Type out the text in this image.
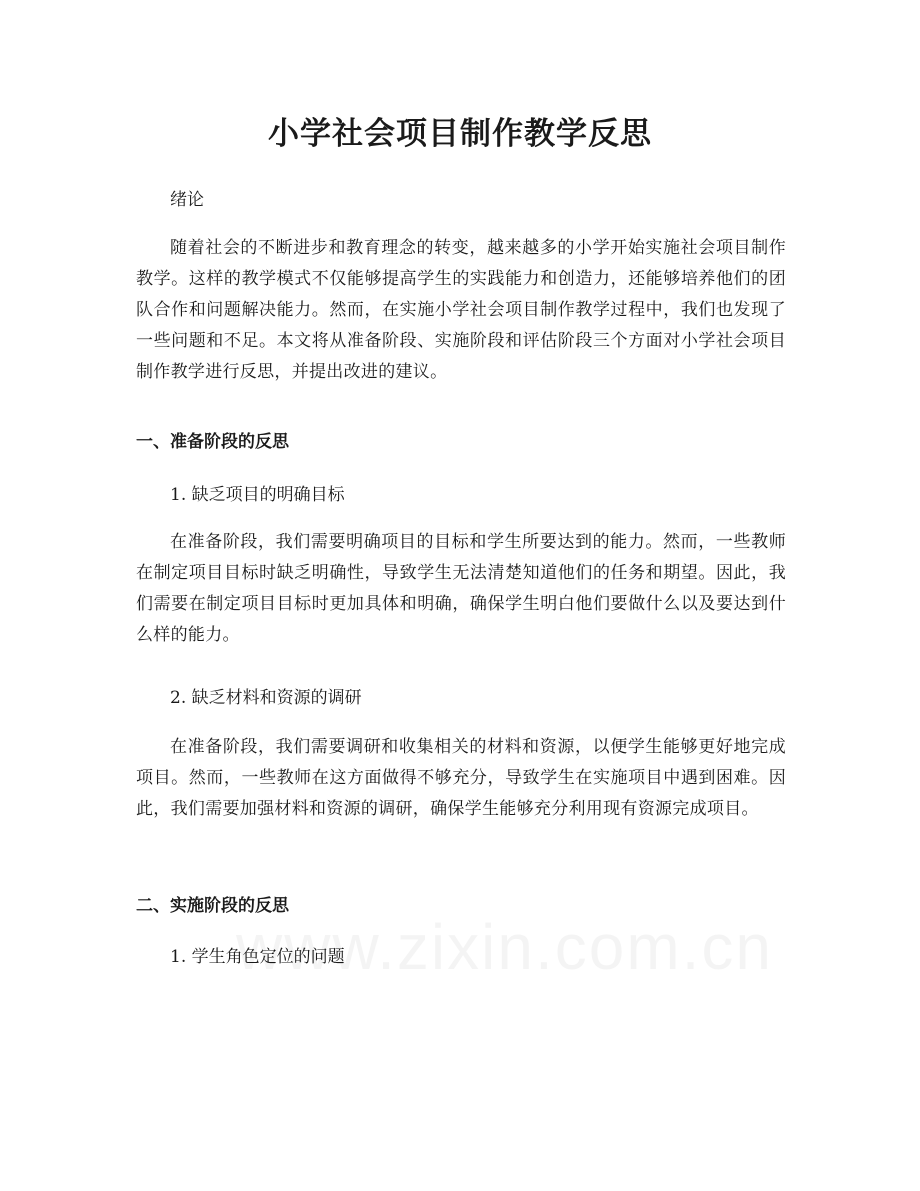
小学社会项目制作教学反思

绪论

随着社会的不断进步和教育理念的转变，越来越多的小学开始实施社会项目制作教学。这样的教学模式不仅能够提高学生的实践能力和创造力，还能够培养他们的团队合作和问题解决能力。然而，在实施小学社会项目制作教学过程中，我们也发现了一些问题和不足。本文将从准备阶段、实施阶段和评估阶段三个方面对小学社会项目制作教学进行反思，并提出改进的建议。

一、准备阶段的反思

1. 缺乏项目的明确目标

在准备阶段，我们需要明确项目的目标和学生所要达到的能力。然而，一些教师在制定项目目标时缺乏明确性，导致学生无法清楚知道他们的任务和期望。因此，我们需要在制定项目目标时更加具体和明确，确保学生明白他们要做什么以及要达到什么样的能力。

2. 缺乏材料和资源的调研

在准备阶段，我们需要调研和收集相关的材料和资源，以便学生能够更好地完成项目。然而，一些教师在这方面做得不够充分，导致学生在实施项目中遇到困难。因此，我们需要加强材料和资源的调研，确保学生能够充分利用现有资源完成项目。

二、实施阶段的反思

1. 学生角色定位的问题
